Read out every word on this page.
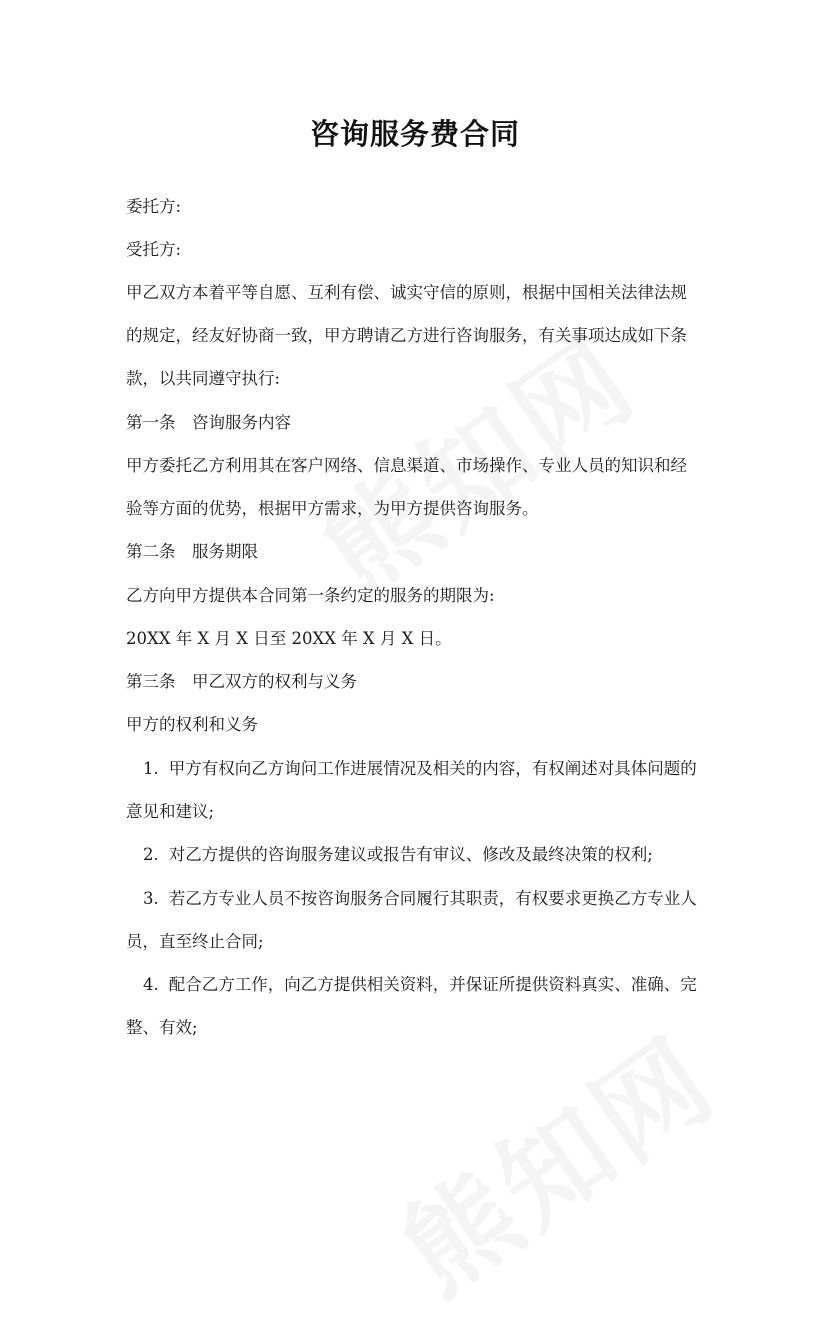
咨询服务费合同
委托方:
受托方:
甲乙双方本着平等自愿、互利有偿、诚实守信的原则，根据中国相关法律法规
的规定，经友好协商一致，甲方聘请乙方进行咨询服务，有关事项达成如下条
款，以共同遵守执行:
第一条　咨询服务内容
甲方委托乙方利用其在客户网络、信息渠道、市场操作、专业人员的知识和经
验等方面的优势，根据甲方需求，为甲方提供咨询服务。
第二条　服务期限
乙方向甲方提供本合同第一条约定的服务的期限为:
20XX 年 X 月 X 日至 20XX 年 X 月 X 日。
第三条　甲乙双方的权利与义务
甲方的权利和义务
1. 甲方有权向乙方询问工作进展情况及相关的内容，有权阐述对具体问题的
意见和建议;
2. 对乙方提供的咨询服务建议或报告有审议、修改及最终决策的权利;
3. 若乙方专业人员不按咨询服务合同履行其职责，有权要求更换乙方专业人
员，直至终止合同;
4. 配合乙方工作，向乙方提供相关资料，并保证所提供资料真实、准确、完
整、有效;
